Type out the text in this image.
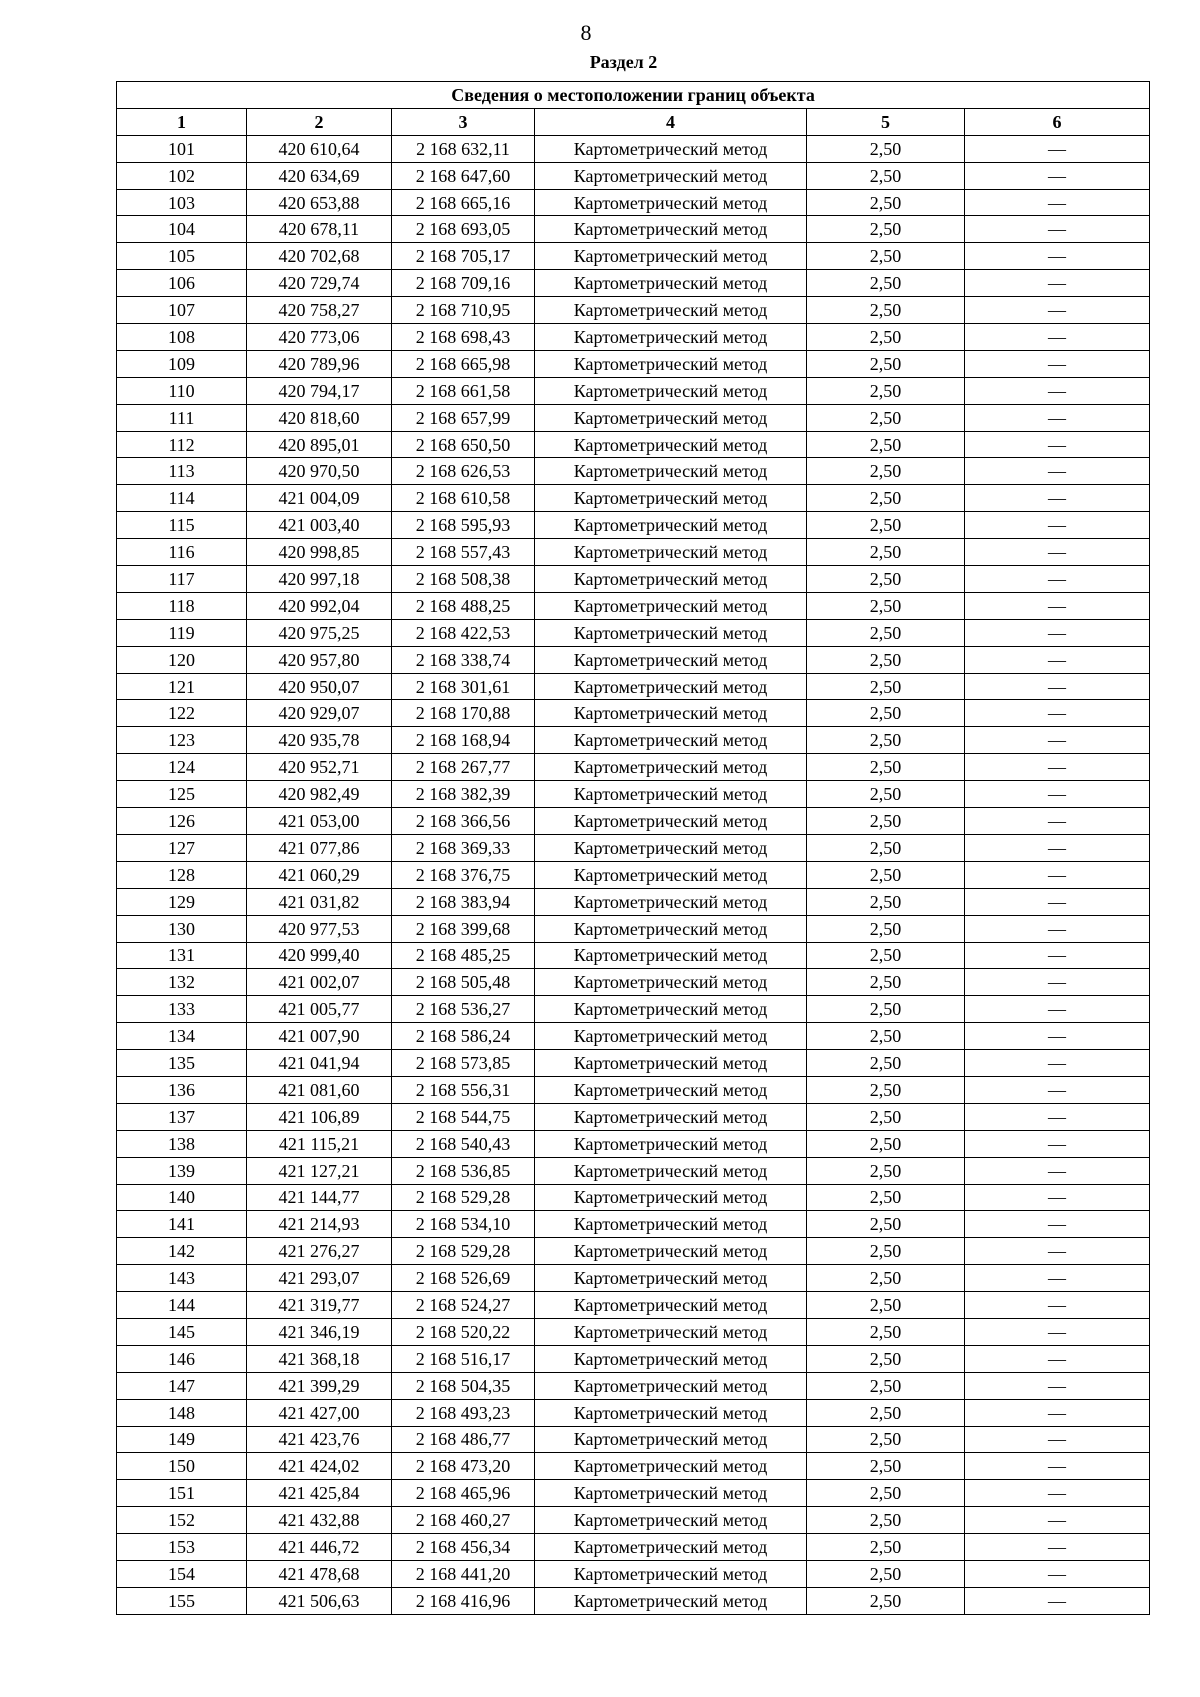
8
Раздел 2
Сведения о местоположении границ объекта					
1	2	3	4	5	6
101	420 610,64	2 168 632,11	Картометрический метод	2,50	—
102	420 634,69	2 168 647,60	Картометрический метод	2,50	—
103	420 653,88	2 168 665,16	Картометрический метод	2,50	—
104	420 678,11	2 168 693,05	Картометрический метод	2,50	—
105	420 702,68	2 168 705,17	Картометрический метод	2,50	—
106	420 729,74	2 168 709,16	Картометрический метод	2,50	—
107	420 758,27	2 168 710,95	Картометрический метод	2,50	—
108	420 773,06	2 168 698,43	Картометрический метод	2,50	—
109	420 789,96	2 168 665,98	Картометрический метод	2,50	—
110	420 794,17	2 168 661,58	Картометрический метод	2,50	—
111	420 818,60	2 168 657,99	Картометрический метод	2,50	—
112	420 895,01	2 168 650,50	Картометрический метод	2,50	—
113	420 970,50	2 168 626,53	Картометрический метод	2,50	—
114	421 004,09	2 168 610,58	Картометрический метод	2,50	—
115	421 003,40	2 168 595,93	Картометрический метод	2,50	—
116	420 998,85	2 168 557,43	Картометрический метод	2,50	—
117	420 997,18	2 168 508,38	Картометрический метод	2,50	—
118	420 992,04	2 168 488,25	Картометрический метод	2,50	—
119	420 975,25	2 168 422,53	Картометрический метод	2,50	—
120	420 957,80	2 168 338,74	Картометрический метод	2,50	—
121	420 950,07	2 168 301,61	Картометрический метод	2,50	—
122	420 929,07	2 168 170,88	Картометрический метод	2,50	—
123	420 935,78	2 168 168,94	Картометрический метод	2,50	—
124	420 952,71	2 168 267,77	Картометрический метод	2,50	—
125	420 982,49	2 168 382,39	Картометрический метод	2,50	—
126	421 053,00	2 168 366,56	Картометрический метод	2,50	—
127	421 077,86	2 168 369,33	Картометрический метод	2,50	—
128	421 060,29	2 168 376,75	Картометрический метод	2,50	—
129	421 031,82	2 168 383,94	Картометрический метод	2,50	—
130	420 977,53	2 168 399,68	Картометрический метод	2,50	—
131	420 999,40	2 168 485,25	Картометрический метод	2,50	—
132	421 002,07	2 168 505,48	Картометрический метод	2,50	—
133	421 005,77	2 168 536,27	Картометрический метод	2,50	—
134	421 007,90	2 168 586,24	Картометрический метод	2,50	—
135	421 041,94	2 168 573,85	Картометрический метод	2,50	—
136	421 081,60	2 168 556,31	Картометрический метод	2,50	—
137	421 106,89	2 168 544,75	Картометрический метод	2,50	—
138	421 115,21	2 168 540,43	Картометрический метод	2,50	—
139	421 127,21	2 168 536,85	Картометрический метод	2,50	—
140	421 144,77	2 168 529,28	Картометрический метод	2,50	—
141	421 214,93	2 168 534,10	Картометрический метод	2,50	—
142	421 276,27	2 168 529,28	Картометрический метод	2,50	—
143	421 293,07	2 168 526,69	Картометрический метод	2,50	—
144	421 319,77	2 168 524,27	Картометрический метод	2,50	—
145	421 346,19	2 168 520,22	Картометрический метод	2,50	—
146	421 368,18	2 168 516,17	Картометрический метод	2,50	—
147	421 399,29	2 168 504,35	Картометрический метод	2,50	—
148	421 427,00	2 168 493,23	Картометрический метод	2,50	—
149	421 423,76	2 168 486,77	Картометрический метод	2,50	—
150	421 424,02	2 168 473,20	Картометрический метод	2,50	—
151	421 425,84	2 168 465,96	Картометрический метод	2,50	—
152	421 432,88	2 168 460,27	Картометрический метод	2,50	—
153	421 446,72	2 168 456,34	Картометрический метод	2,50	—
154	421 478,68	2 168 441,20	Картометрический метод	2,50	—
155	421 506,63	2 168 416,96	Картометрический метод	2,50	—
